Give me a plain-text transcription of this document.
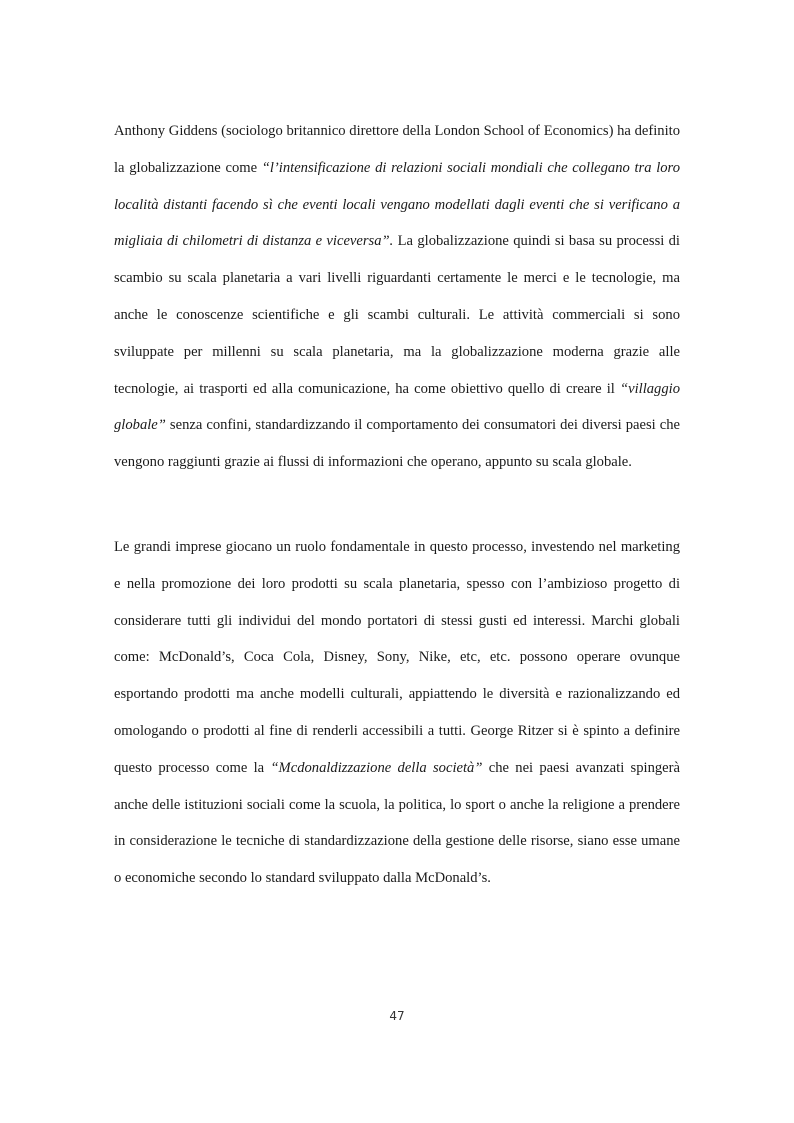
Anthony Giddens (sociologo britannico direttore della London School of Economics) ha definito la globalizzazione come “l’intensificazione di relazioni sociali mondiali che collegano tra loro località distanti facendo sì che eventi locali vengano modellati dagli eventi che si verificano a migliaia di chilometri di distanza e viceversa”. La globalizzazione quindi si basa su processi di scambio su scala planetaria a vari livelli riguardanti certamente le merci e le tecnologie, ma anche le conoscenze scientifiche e gli scambi culturali. Le attività commerciali si sono sviluppate per millenni su scala planetaria, ma la globalizzazione moderna grazie alle tecnologie, ai trasporti ed alla comunicazione, ha come obiettivo quello di creare il “villaggio globale” senza confini, standardizzando il comportamento dei consumatori dei diversi paesi che vengono raggiunti grazie ai flussi di informazioni che operano, appunto su scala globale.

Le grandi imprese giocano un ruolo fondamentale in questo processo, investendo nel marketing e nella promozione dei loro prodotti su scala planetaria, spesso con l’ambizioso progetto di considerare tutti gli individui del mondo portatori di stessi gusti ed interessi. Marchi globali come: McDonald’s, Coca Cola, Disney, Sony, Nike, etc, etc. possono operare ovunque esportando prodotti ma anche modelli culturali, appiattendo le diversità e razionalizzando ed omologando o prodotti al fine di renderli accessibili a tutti. George Ritzer si è spinto a definire questo processo come la “Mcdonaldizzazione della società” che nei paesi avanzati spingerà anche delle istituzioni sociali come la scuola, la politica, lo sport o anche la religione a prendere in considerazione le tecniche di standardizzazione della gestione delle risorse, siano esse umane o economiche secondo lo standard sviluppato dalla McDonald’s.

47
